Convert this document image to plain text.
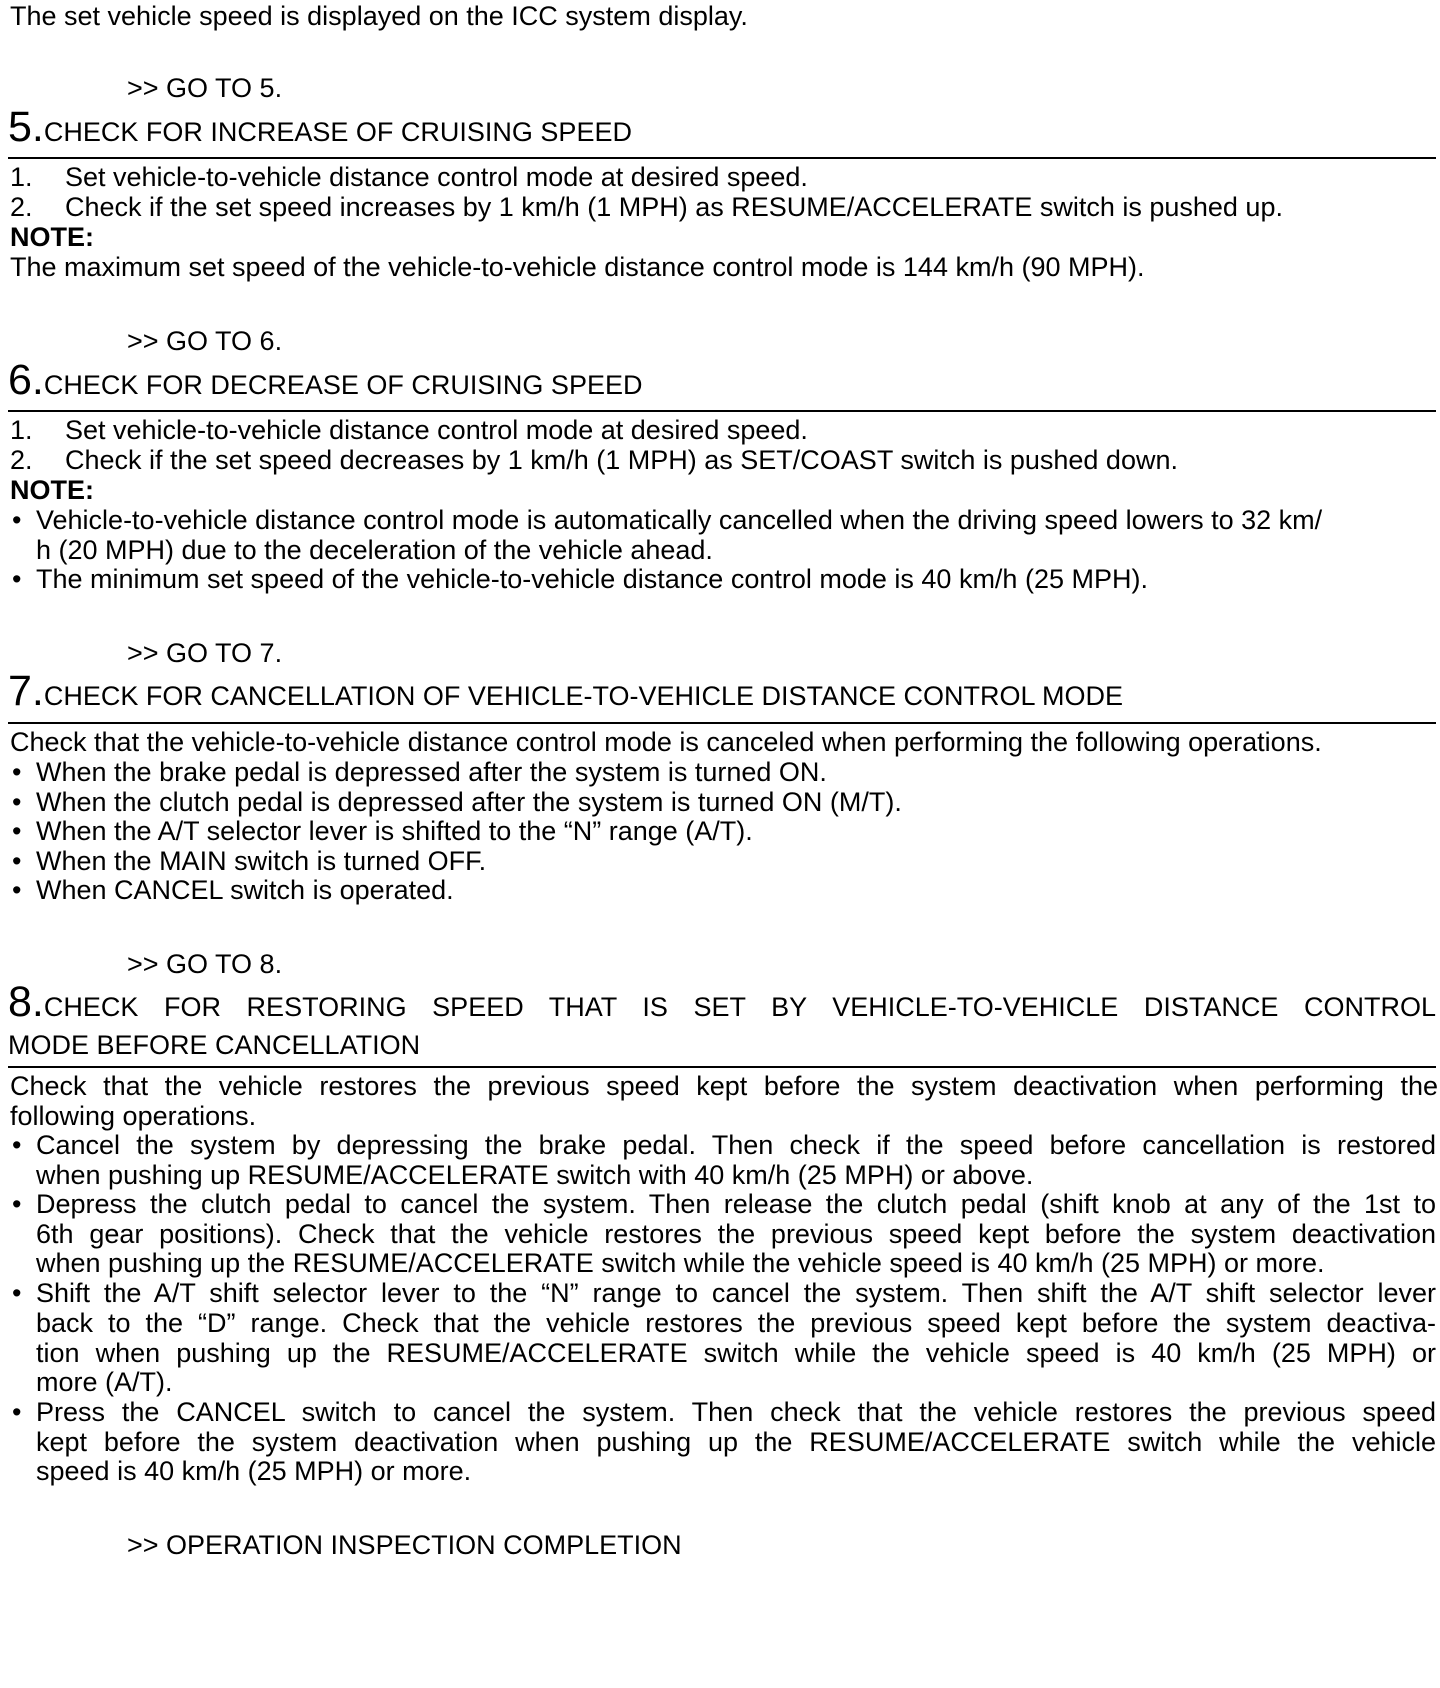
The set vehicle speed is displayed on the ICC system display.
>> GO TO 5.
5.CHECK FOR INCREASE OF CRUISING SPEED
1. Set vehicle-to-vehicle distance control mode at desired speed.
2. Check if the set speed increases by 1 km/h (1 MPH) as RESUME/ACCELERATE switch is pushed up.
NOTE:
The maximum set speed of the vehicle-to-vehicle distance control mode is 144 km/h (90 MPH).
>> GO TO 6.
6.CHECK FOR DECREASE OF CRUISING SPEED
1. Set vehicle-to-vehicle distance control mode at desired speed.
2. Check if the set speed decreases by 1 km/h (1 MPH) as SET/COAST switch is pushed down.
NOTE:
• Vehicle-to-vehicle distance control mode is automatically cancelled when the driving speed lowers to 32 km/
h (20 MPH) due to the deceleration of the vehicle ahead.
• The minimum set speed of the vehicle-to-vehicle distance control mode is 40 km/h (25 MPH).
>> GO TO 7.
7.CHECK FOR CANCELLATION OF VEHICLE-TO-VEHICLE DISTANCE CONTROL MODE
Check that the vehicle-to-vehicle distance control mode is canceled when performing the following operations.
• When the brake pedal is depressed after the system is turned ON.
• When the clutch pedal is depressed after the system is turned ON (M/T).
• When the A/T selector lever is shifted to the “N” range (A/T).
• When the MAIN switch is turned OFF.
• When CANCEL switch is operated.
>> GO TO 8.
8.CHECK FOR RESTORING SPEED THAT IS SET BY VEHICLE-TO-VEHICLE DISTANCE CONTROL
MODE BEFORE CANCELLATION
Check that the vehicle restores the previous speed kept before the system deactivation when performing the
following operations.
• Cancel the system by depressing the brake pedal. Then check if the speed before cancellation is restored
when pushing up RESUME/ACCELERATE switch with 40 km/h (25 MPH) or above.
• Depress the clutch pedal to cancel the system. Then release the clutch pedal (shift knob at any of the 1st to
6th gear positions). Check that the vehicle restores the previous speed kept before the system deactivation
when pushing up the RESUME/ACCELERATE switch while the vehicle speed is 40 km/h (25 MPH) or more.
• Shift the A/T shift selector lever to the “N” range to cancel the system. Then shift the A/T shift selector lever
back to the “D” range. Check that the vehicle restores the previous speed kept before the system deactiva-
tion when pushing up the RESUME/ACCELERATE switch while the vehicle speed is 40 km/h (25 MPH) or
more (A/T).
• Press the CANCEL switch to cancel the system. Then check that the vehicle restores the previous speed
kept before the system deactivation when pushing up the RESUME/ACCELERATE switch while the vehicle
speed is 40 km/h (25 MPH) or more.
>> OPERATION INSPECTION COMPLETION
